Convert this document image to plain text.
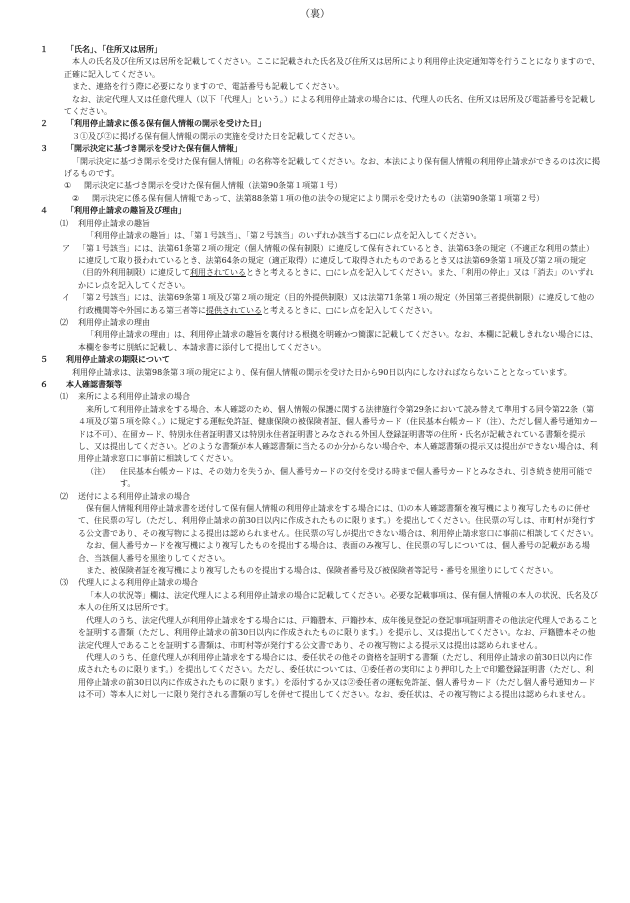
（裏）
１ 「氏名」、「住所又は居所」
本人の氏名及び住所又は居所を記載してください。ここに記載された氏名及び住所又は居所により利用停止決定通知等を行うことになりますので、正確に記入してください。
また、連絡を行う際に必要になりますので、電話番号も記載してください。
なお、法定代理人又は任意代理人（以下「代理人」という。）による利用停止請求の場合には、代理人の氏名、住所又は居所及び電話番号を記載してください。
２ 「利用停止請求に係る保有個人情報の開示を受けた日」
３①及び②に掲げる保有個人情報の開示の実施を受けた日を記載してください。
３ 「開示決定に基づき開示を受けた保有個人情報」
「開示決定に基づき開示を受けた保有個人情報」の名称等を記載してください。なお、本法により保有個人情報の利用停止請求ができるのは次に掲げるものです。
① 開示決定に基づき開示を受けた保有個人情報（法第90条第１項第１号）
② 開示決定に係る保有個人情報であって、法第88条第１項の他の法令の規定により開示を受けたもの（法第90条第１項第２号）
４ 「利用停止請求の趣旨及び理由」
⑴ 利用停止請求の趣旨
「利用停止請求の趣旨」は、「第１号該当」、「第２号該当」のいずれか該当する□にレ点を記入してください。
ア 「第１号該当」には、法第61条第２項の規定（個人情報の保有制限）に違反して保有されているとき、法第63条の規定（不適正な利用の禁止）に違反して取り扱われているとき、法第64条の規定（適正取得）に違反して取得されたものであるとき又は法第69条第１項及び第２項の規定（目的外利用制限）に違反して利用されているときと考えるときに、□にレ点を記入してください。また、「利用の停止」又は「消去」のいずれかにレ点を記入してください。
イ 「第２号該当」には、法第69条第１項及び第２項の規定（目的外提供制限）又は法第71条第１項の規定（外国第三者提供制限）に違反して他の行政機関等や外国にある第三者等に提供されていると考えるときに、□にレ点を記入してください。
⑵ 利用停止請求の理由
「利用停止請求の理由」は、利用停止請求の趣旨を裏付ける根拠を明確かつ簡潔に記載してください。なお、本欄に記載しきれない場合には、本欄を参考に別紙に記載し、本請求書に添付して提出してください。
５ 利用停止請求の期限について
利用停止請求は、法第98条第３項の規定により、保有個人情報の開示を受けた日から90日以内にしなければならないこととなっています。
６ 本人確認書類等
⑴ 来所による利用停止請求の場合
来所して利用停止請求をする場合、本人確認のため、個人情報の保護に関する法律施行令第29条において読み替えて準用する同令第22条（第４項及び第５項を除く。）に規定する運転免許証、健康保険の被保険者証、個人番号カード（住民基本台帳カード（注）、ただし個人番号通知カードは不可）、在留カード、特別永住者証明書又は特別永住者証明書とみなされる外国人登録証明書等の住所・氏名が記載されている書類を提示し、又は提出してください。どのような書類が本人確認書類に当たるのか分からない場合や、本人確認書類の提示又は提出ができない場合は、利用停止請求窓口に事前に相談してください。
（注） 住民基本台帳カードは、その効力を失うか、個人番号カードの交付を受ける時まで個人番号カードとみなされ、引き続き使用可能です。
⑵ 送付による利用停止請求の場合
保有個人情報利用停止請求書を送付して保有個人情報の利用停止請求をする場合には、⑴の本人確認書類を複写機により複写したものに併せて、住民票の写し（ただし、利用停止請求の前30日以内に作成されたものに限ります。）を提出してください。住民票の写しは、市町村が発行する公文書であり、その複写物による提出は認められません。住民票の写しが提出できない場合は、利用停止請求窓口に事前に相談してください。
なお、個人番号カードを複写機により複写したものを提出する場合は、表面のみ複写し、住民票の写しについては、個人番号の記載がある場合、当該個人番号を黒塗りしてください。
また、被保険者証を複写機により複写したものを提出する場合は、保険者番号及び被保険者等記号・番号を黒塗りにしてください。
⑶ 代理人による利用停止請求の場合
「本人の状況等」欄は、法定代理人による利用停止請求の場合に記載してください。必要な記載事項は、保有個人情報の本人の状況、氏名及び本人の住所又は居所です。
代理人のうち、法定代理人が利用停止請求をする場合には、戸籍謄本、戸籍抄本、成年後見登記の登記事項証明書その他法定代理人であることを証明する書類（ただし、利用停止請求の前30日以内に作成されたものに限ります。）を提示し、又は提出してください。なお、戸籍謄本その他法定代理人であることを証明する書類は、市町村等が発行する公文書であり、その複写物による提示又は提出は認められません。
代理人のうち、任意代理人が利用停止請求をする場合には、委任状その他その資格を証明する書類（ただし、利用停止請求の前30日以内に作成されたものに限ります。）を提出してください。ただし、委任状については、①委任者の実印により押印した上で印鑑登録証明書（ただし、利用停止請求の前30日以内に作成されたものに限ります。）を添付するか又は②委任者の運転免許証、個人番号カード（ただし個人番号通知カードは不可）等本人に対し一に限り発行される書類の写しを併せて提出してください。なお、委任状は、その複写物による提出は認められません。
